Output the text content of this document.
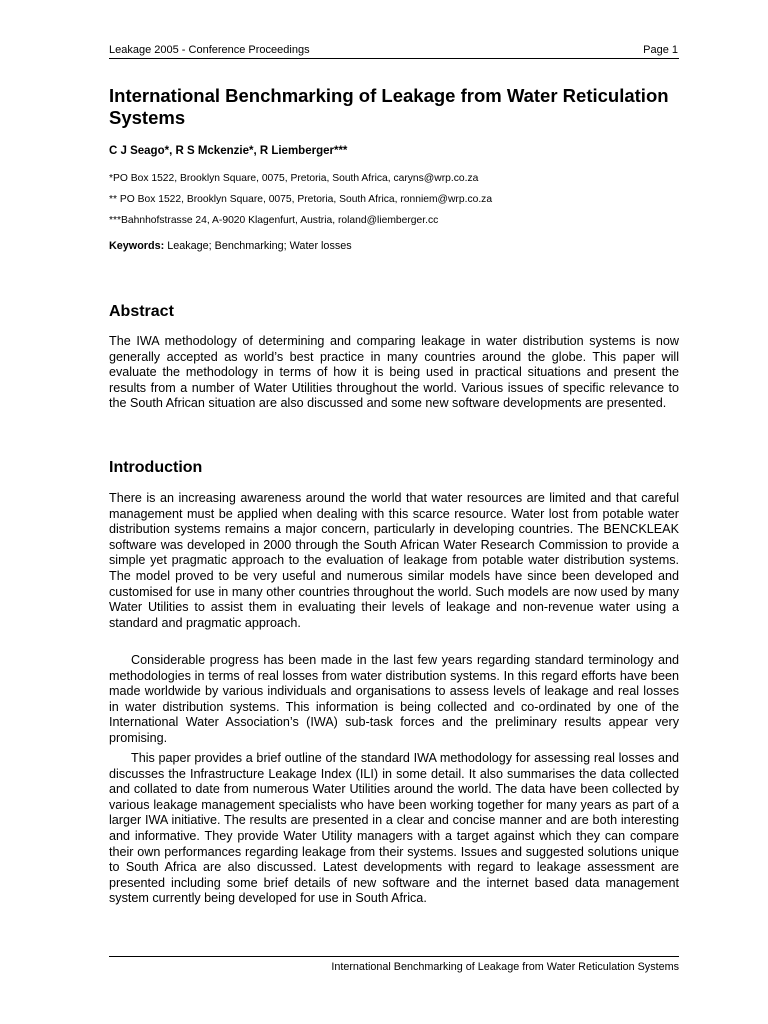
Leakage 2005 - Conference Proceedings	Page 1
International Benchmarking of Leakage from Water Reticulation Systems
C J Seago*, R S Mckenzie*, R Liemberger***
*PO Box 1522, Brooklyn Square, 0075, Pretoria, South Africa, caryns@wrp.co.za
** PO Box 1522, Brooklyn Square, 0075, Pretoria, South Africa, ronniem@wrp.co.za
***Bahnhofstrasse 24, A-9020 Klagenfurt, Austria, roland@liemberger.cc
Keywords: Leakage; Benchmarking; Water losses
Abstract

The IWA methodology of determining and comparing leakage in water distribution systems is now generally accepted as world’s best practice in many countries around the globe. This paper will evaluate the methodology in terms of how it is being used in practical situations and present the results from a number of Water Utilities throughout the world. Various issues of specific relevance to the South African situation are also discussed and some new software developments are presented.

Introduction

There is an increasing awareness around the world that water resources are limited and that careful management must be applied when dealing with this scarce resource. Water lost from potable water distribution systems remains a major concern, particularly in developing countries. The BENCKLEAK software was developed in 2000 through the South African Water Research Commission to provide a simple yet pragmatic approach to the evaluation of leakage from potable water distribution systems. The model proved to be very useful and numerous similar models have since been developed and customised for use in many other countries throughout the world. Such models are now used by many Water Utilities to assist them in evaluating their levels of leakage and non-revenue water using a standard and pragmatic approach.

Considerable progress has been made in the last few years regarding standard terminology and methodologies in terms of real losses from water distribution systems. In this regard efforts have been made worldwide by various individuals and organisations to assess levels of leakage and real losses in water distribution systems. This information is being collected and co-ordinated by one of the International Water Association’s (IWA) sub-task forces and the preliminary results appear very promising.

This paper provides a brief outline of the standard IWA methodology for assessing real losses and discusses the Infrastructure Leakage Index (ILI) in some detail. It also summarises the data collected and collated to date from numerous Water Utilities around the world. The data have been collected by various leakage management specialists who have been working together for many years as part of a larger IWA initiative. The results are presented in a clear and concise manner and are both interesting and informative. They provide Water Utility managers with a target against which they can compare their own performances regarding leakage from their systems. Issues and suggested solutions unique to South Africa are also discussed. Latest developments with regard to leakage assessment are presented including some brief details of new software and the internet based data management system currently being developed for use in South Africa.

International Benchmarking of Leakage from Water Reticulation Systems
